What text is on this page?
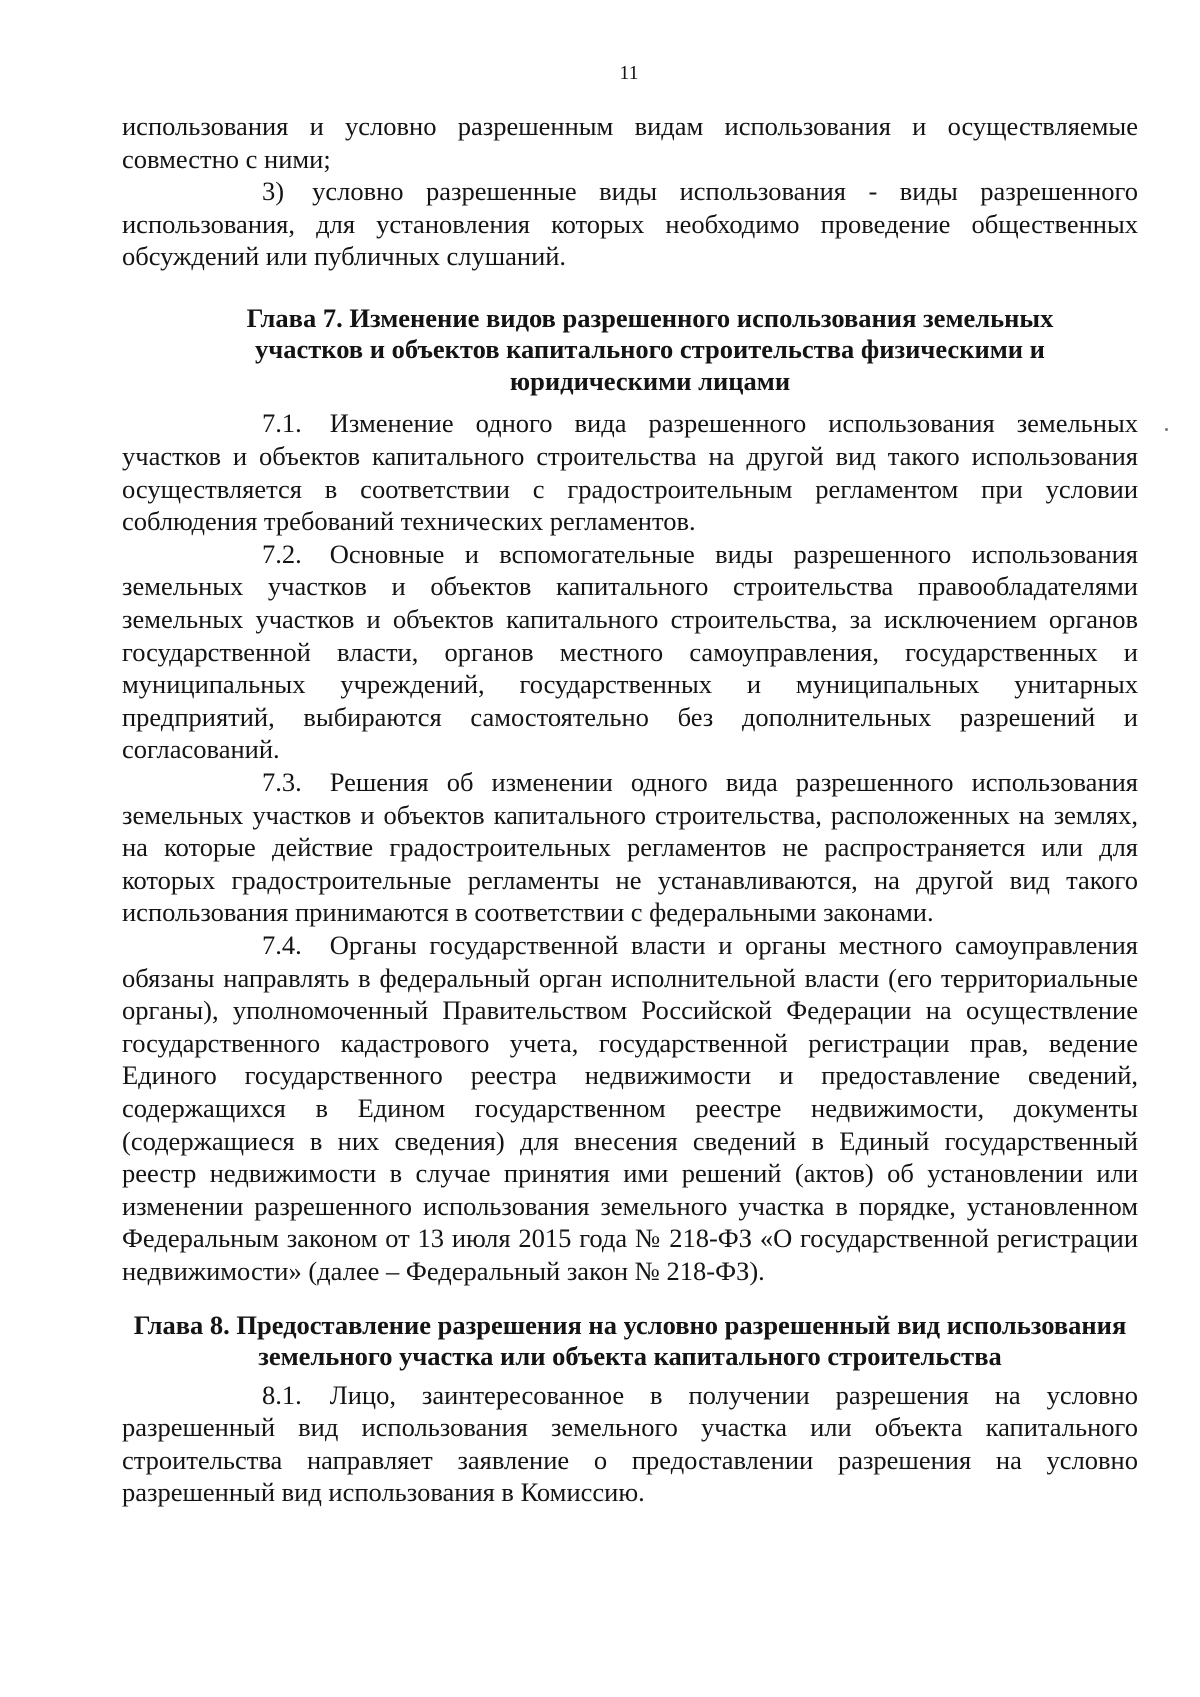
11

использования и условно разрешенным видам использования и осуществляемые совместно с ними;

3) условно разрешенные виды использования - виды разрешенного использования, для установления которых необходимо проведение общественных обсуждений или публичных слушаний.

Глава 7. Изменение видов разрешенного использования земельных участков и объектов капитального строительства физическими и юридическими лицами

7.1. Изменение одного вида разрешенного использования земельных участков и объектов капитального строительства на другой вид такого использования осуществляется в соответствии с градостроительным регламентом при условии соблюдения требований технических регламентов.

7.2. Основные и вспомогательные виды разрешенного использования земельных участков и объектов капитального строительства правообладателями земельных участков и объектов капитального строительства, за исключением органов государственной власти, органов местного самоуправления, государственных и муниципальных учреждений, государственных и муниципальных унитарных предприятий, выбираются самостоятельно без дополнительных разрешений и согласований.

7.3. Решения об изменении одного вида разрешенного использования земельных участков и объектов капитального строительства, расположенных на землях, на которые действие градостроительных регламентов не распространяется или для которых градостроительные регламенты не устанавливаются, на другой вид такого использования принимаются в соответствии с федеральными законами.

7.4. Органы государственной власти и органы местного самоуправления обязаны направлять в федеральный орган исполнительной власти (его территориальные органы), уполномоченный Правительством Российской Федерации на осуществление государственного кадастрового учета, государственной регистрации прав, ведение Единого государственного реестра недвижимости и предоставление сведений, содержащихся в Едином государственном реестре недвижимости, документы (содержащиеся в них сведения) для внесения сведений в Единый государственный реестр недвижимости в случае принятия ими решений (актов) об установлении или изменении разрешенного использования земельного участка в порядке, установленном Федеральным законом от 13 июля 2015 года № 218-ФЗ «О государственной регистрации недвижимости» (далее – Федеральный закон № 218-ФЗ).

Глава 8. Предоставление разрешения на условно разрешенный вид использования земельного участка или объекта капитального строительства

8.1. Лицо, заинтересованное в получении разрешения на условно разрешенный вид использования земельного участка или объекта капитального строительства направляет заявление о предоставлении разрешения на условно разрешенный вид использования в Комиссию.
